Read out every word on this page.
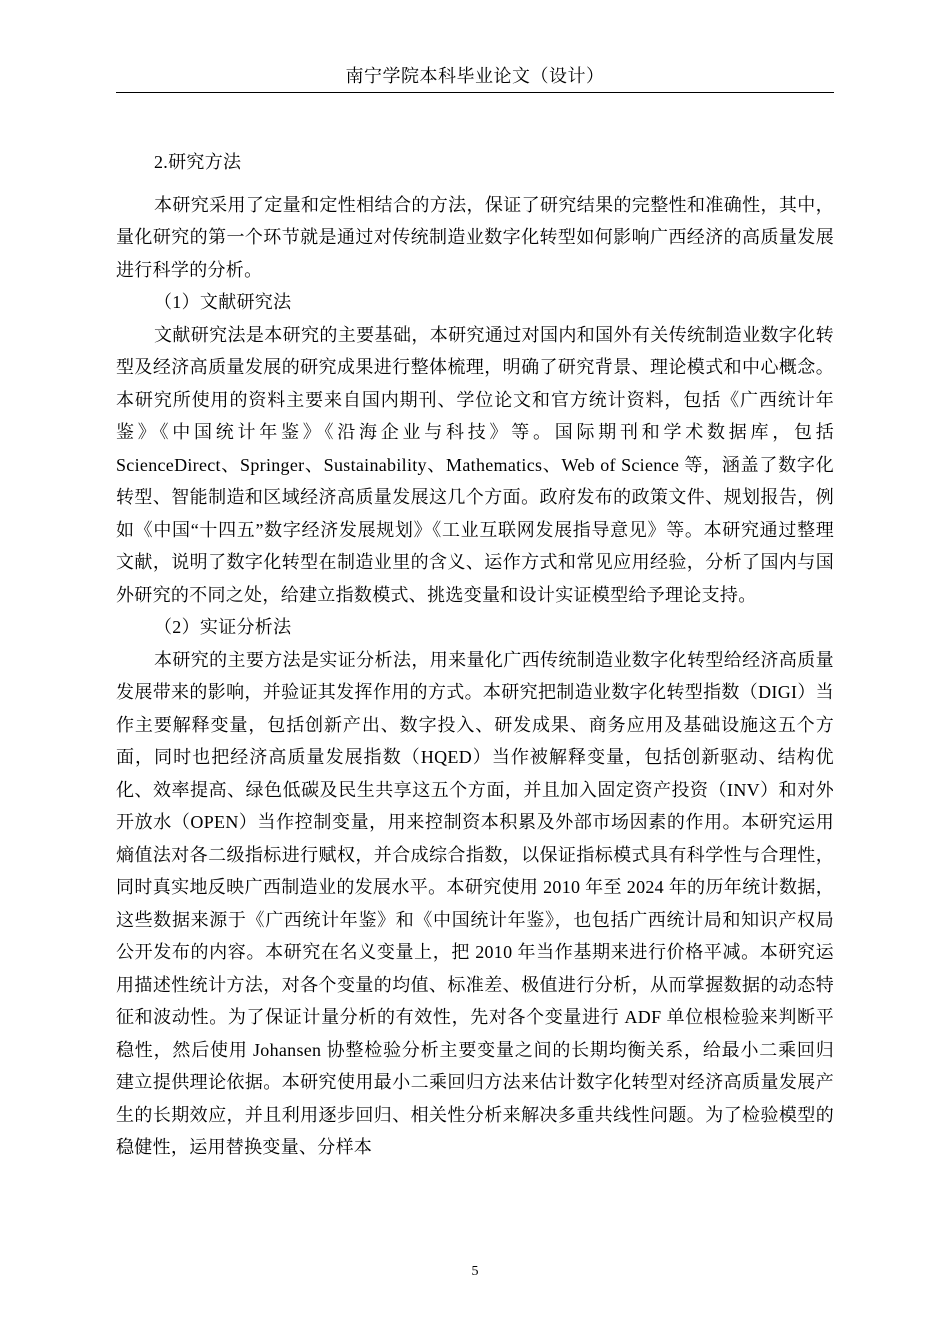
南宁学院本科毕业论文（设计）

2.研究方法

本研究采用了定量和定性相结合的方法，保证了研究结果的完整性和准确性，其中，量化研究的第一个环节就是通过对传统制造业数字化转型如何影响广西经济的高质量发展进行科学的分析。

（1）文献研究法

文献研究法是本研究的主要基础，本研究通过对国内和国外有关传统制造业数字化转型及经济高质量发展的研究成果进行整体梳理，明确了研究背景、理论模式和中心概念。本研究所使用的资料主要来自国内期刊、学位论文和官方统计资料，包括《广西统计年鉴》《中国统计年鉴》《沿海企业与科技》等。国际期刊和学术数据库，包括 ScienceDirect、Springer、Sustainability、Mathematics、Web of Science 等，涵盖了数字化转型、智能制造和区域经济高质量发展这几个方面。政府发布的政策文件、规划报告，例如《中国“十四五”数字经济发展规划》《工业互联网发展指导意见》等。本研究通过整理文献，说明了数字化转型在制造业里的含义、运作方式和常见应用经验，分析了国内与国外研究的不同之处，给建立指数模式、挑选变量和设计实证模型给予理论支持。

（2）实证分析法

本研究的主要方法是实证分析法，用来量化广西传统制造业数字化转型给经济高质量发展带来的影响，并验证其发挥作用的方式。本研究把制造业数字化转型指数（DIGI）当作主要解释变量，包括创新产出、数字投入、研发成果、商务应用及基础设施这五个方面，同时也把经济高质量发展指数（HQED）当作被解释变量，包括创新驱动、结构优化、效率提高、绿色低碳及民生共享这五个方面，并且加入固定资产投资（INV）和对外开放水（OPEN）当作控制变量，用来控制资本积累及外部市场因素的作用。本研究运用熵值法对各二级指标进行赋权，并合成综合指数，以保证指标模式具有科学性与合理性，同时真实地反映广西制造业的发展水平。本研究使用 2010 年至 2024 年的历年统计数据，这些数据来源于《广西统计年鉴》和《中国统计年鉴》，也包括广西统计局和知识产权局公开发布的内容。本研究在名义变量上，把 2010 年当作基期来进行价格平减。本研究运用描述性统计方法，对各个变量的均值、标准差、极值进行分析，从而掌握数据的动态特征和波动性。为了保证计量分析的有效性，先对各个变量进行 ADF 单位根检验来判断平稳性，然后使用 Johansen 协整检验分析主要变量之间的长期均衡关系，给最小二乘回归建立提供理论依据。本研究使用最小二乘回归方法来估计数字化转型对经济高质量发展产生的长期效应，并且利用逐步回归、相关性分析来解决多重共线性问题。为了检验模型的稳健性，运用替换变量、分样本

5
